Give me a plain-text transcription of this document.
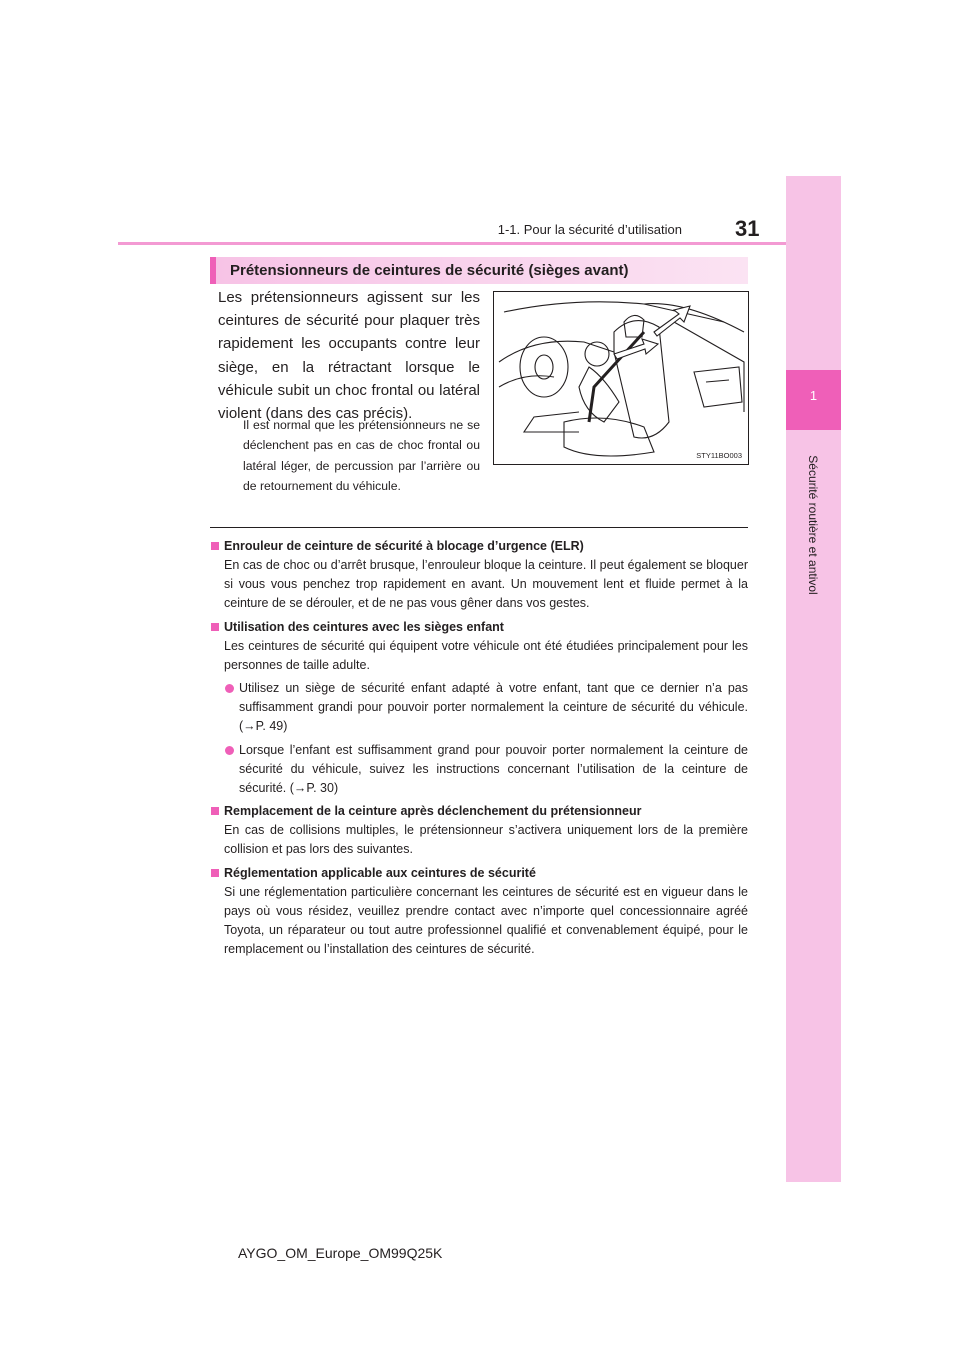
1
Sécurité routière et antivol
1-1. Pour la sécurité d’utilisation 31
Prétensionneurs de ceintures de sécurité (sièges avant)

Les prétensionneurs agissent sur les ceintures de sécurité pour plaquer très rapidement les occupants contre leur siège, en la rétractant lorsque le véhicule subit un choc frontal ou latéral violent (dans des cas précis).

Il est normal que les prétensionneurs ne se déclenchent pas en cas de choc frontal ou latéral léger, de percussion par l’arrière ou de retournement du véhicule.

STY11BO003
Enrouleur de ceinture de sécurité à blocage d’urgence (ELR)

En cas de choc ou d’arrêt brusque, l’enrouleur bloque la ceinture. Il peut également se bloquer si vous vous penchez trop rapidement en avant. Un mouvement lent et fluide permet à la ceinture de se dérouler, et de ne pas vous gêner dans vos gestes.

Utilisation des ceintures avec les sièges enfant

Les ceintures de sécurité qui équipent votre véhicule ont été étudiées principalement pour les personnes de taille adulte.

Utilisez un siège de sécurité enfant adapté à votre enfant, tant que ce dernier n’a pas suffisamment grandi pour pouvoir porter normalement la ceinture de sécurité du véhicule. (→P. 49)

Lorsque l’enfant est suffisamment grand pour pouvoir porter normalement la ceinture de sécurité du véhicule, suivez les instructions concernant l’utilisation de la ceinture de sécurité. (→P. 30)

Remplacement de la ceinture après déclenchement du prétensionneur

En cas de collisions multiples, le prétensionneur s’activera uniquement lors de la première collision et pas lors des suivantes.

Réglementation applicable aux ceintures de sécurité

Si une réglementation particulière concernant les ceintures de sécurité est en vigueur dans le pays où vous résidez, veuillez prendre contact avec n’importe quel concessionnaire agréé Toyota, un réparateur ou tout autre professionnel qualifié et convenablement équipé, pour le remplacement ou l’installation des ceintures de sécurité.

AYGO_OM_Europe_OM99Q25K
